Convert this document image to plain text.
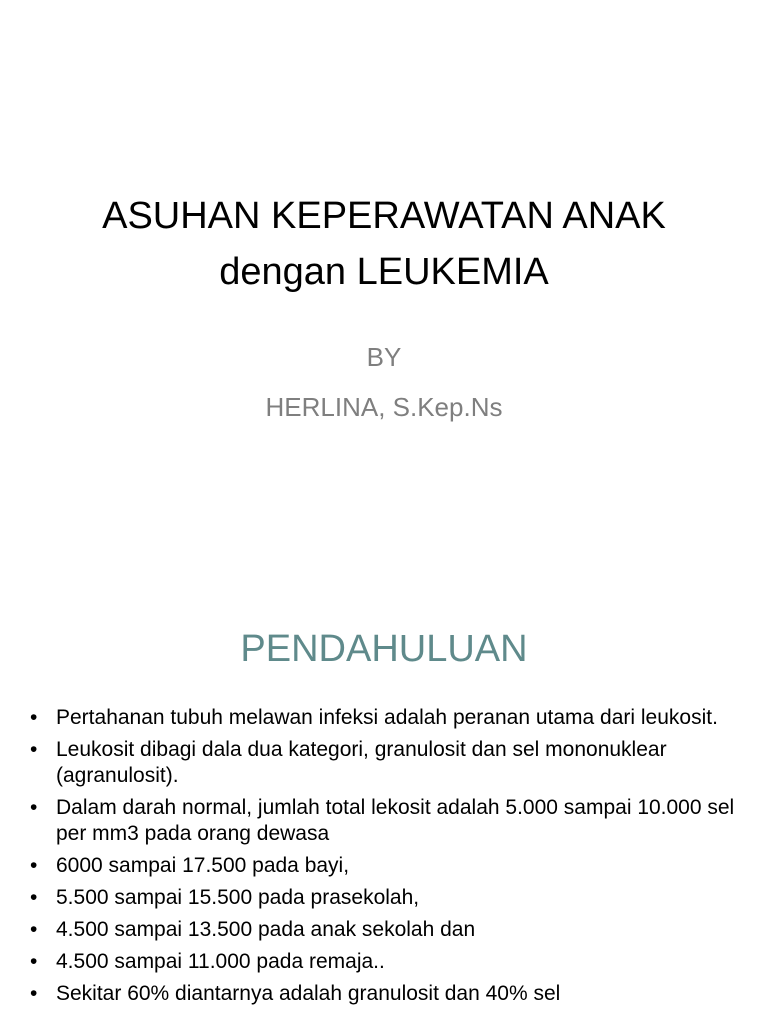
ASUHAN KEPERAWATAN ANAK
dengan LEUKEMIA
BY
HERLINA, S.Kep.Ns
PENDAHULUAN
• Pertahanan tubuh melawan infeksi adalah peranan utama dari leukosit.
• Leukosit dibagi dala dua kategori, granulosit dan sel mononuklear (agranulosit).
• Dalam darah normal, jumlah total lekosit adalah 5.000 sampai 10.000 sel per mm3 pada orang dewasa
• 6000 sampai 17.500 pada bayi,
• 5.500 sampai 15.500 pada prasekolah,
• 4.500 sampai 13.500 pada anak sekolah dan
• 4.500 sampai 11.000 pada remaja..
• Sekitar 60% diantarnya adalah granulosit dan 40% sel
